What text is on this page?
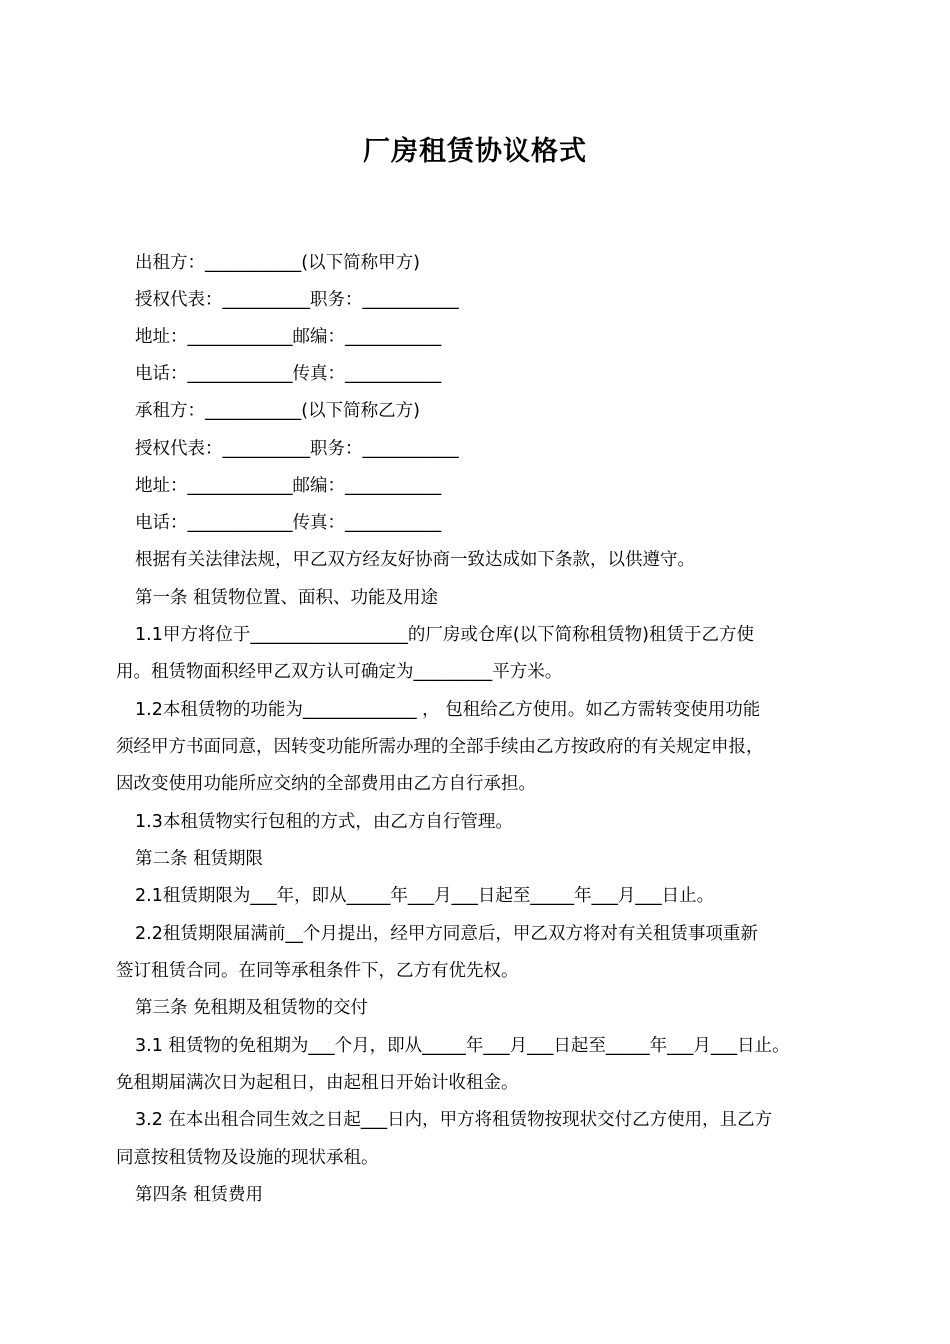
厂房租赁协议格式
出租方：___________(以下简称甲方)
授权代表：__________职务：___________
地址：____________邮编：___________
电话：____________传真：___________
承租方：___________(以下简称乙方)
授权代表：__________职务：___________
地址：____________邮编：___________
电话：____________传真：___________
根据有关法律法规，甲乙双方经友好协商一致达成如下条款，以供遵守。
第一条 租赁物位置、面积、功能及用途
1.1甲方将位于__________________的厂房或仓库(以下简称租赁物)租赁于乙方使
用。租赁物面积经甲乙双方认可确定为_________平方米。
1.2本租赁物的功能为_____________ ， 包租给乙方使用。如乙方需转变使用功能
须经甲方书面同意，因转变功能所需办理的全部手续由乙方按政府的有关规定申报，
因改变使用功能所应交纳的全部费用由乙方自行承担。
1.3本租赁物实行包租的方式，由乙方自行管理。
第二条 租赁期限
2.1租赁期限为___年，即从_____年___月___日起至_____年___月___日止。
2.2租赁期限届满前__个月提出，经甲方同意后，甲乙双方将对有关租赁事项重新
签订租赁合同。在同等承租条件下，乙方有优先权。
第三条 免租期及租赁物的交付
3.1 租赁物的免租期为___个月，即从_____年___月___日起至_____年___月___日止。
免租期届满次日为起租日，由起租日开始计收租金。
3.2 在本出租合同生效之日起___日内，甲方将租赁物按现状交付乙方使用，且乙方
同意按租赁物及设施的现状承租。
第四条 租赁费用
